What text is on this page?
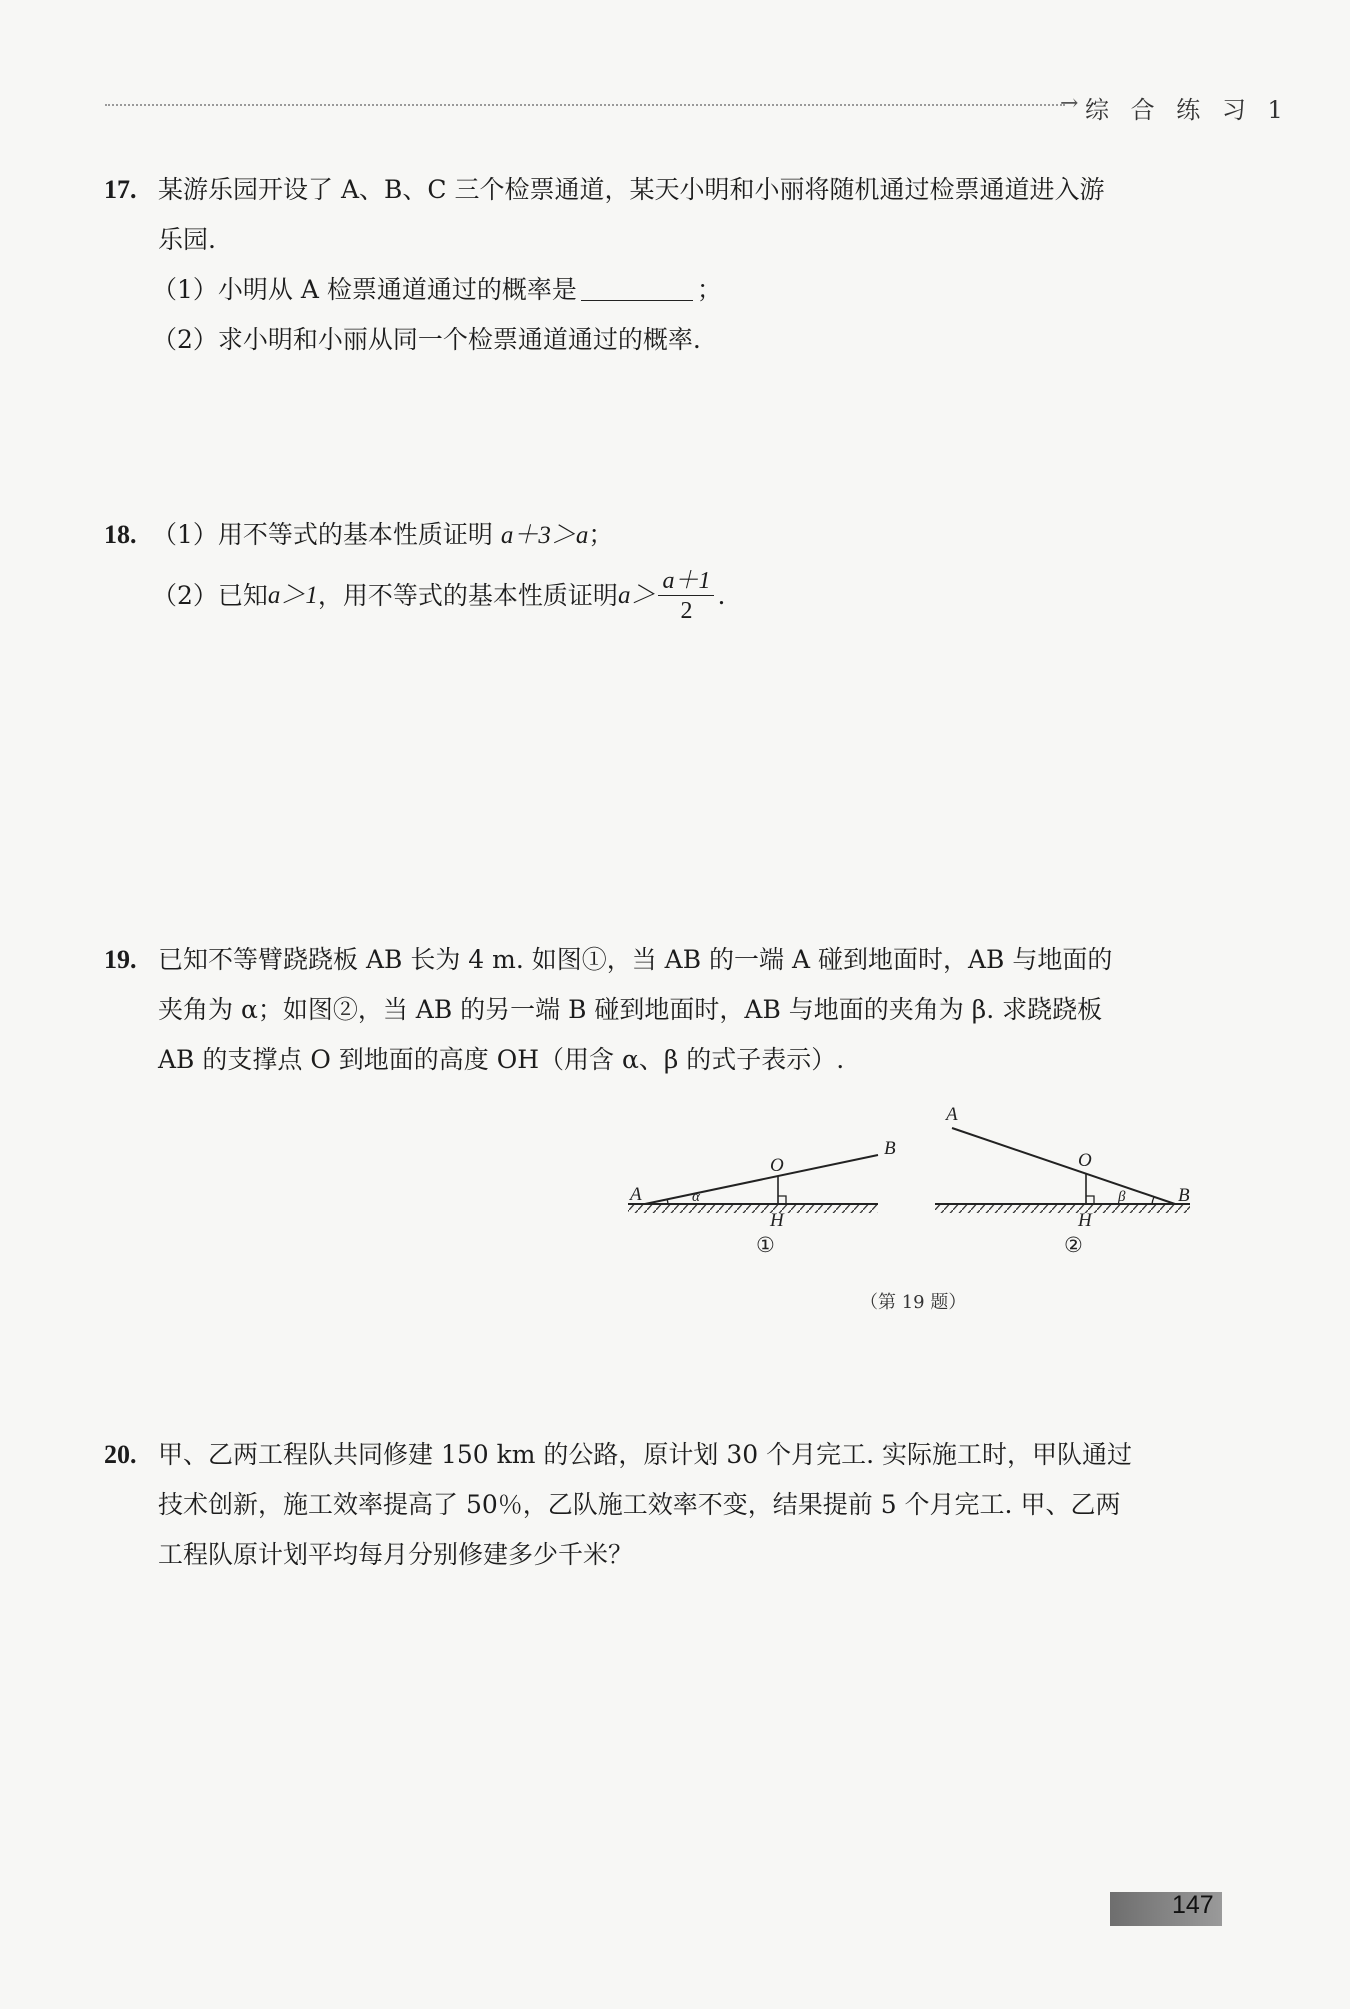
→ 综 合 练 习 1
17. 某游乐园开设了 A、B、C 三个检票通道，某天小明和小丽将随机通过检票通道进入游
乐园.
（1）小明从 A 检票通道通过的概率是	；
（2）求小明和小丽从同一个检票通道通过的概率.
18. （1）用不等式的基本性质证明 a＋3＞a；
（2）已知 a＞1 ，用不等式的基本性质证明 $a> \frac{a+1}{2}$ .
19. 已知不等臂跷跷板 AB 长为 4 m. 如图①，当 AB 的一端 A 碰到地面时，AB 与地面的
夹角为 α；如图②，当 AB 的另一端 B 碰到地面时，AB 与地面的夹角为 β. 求跷跷板
AB 的支撑点 O 到地面的高度 OH（用含 α、β 的式子表示）.
A
B
O
H
α
①
A
B
O
H
β
②
（第 19 题）
20. 甲、乙两工程队共同修建 150 km 的公路，原计划 30 个月完工. 实际施工时，甲队通过
技术创新，施工效率提高了 50％，乙队施工效率不变，结果提前 5 个月完工. 甲、乙两
工程队原计划平均每月分别修建多少千米？
147
